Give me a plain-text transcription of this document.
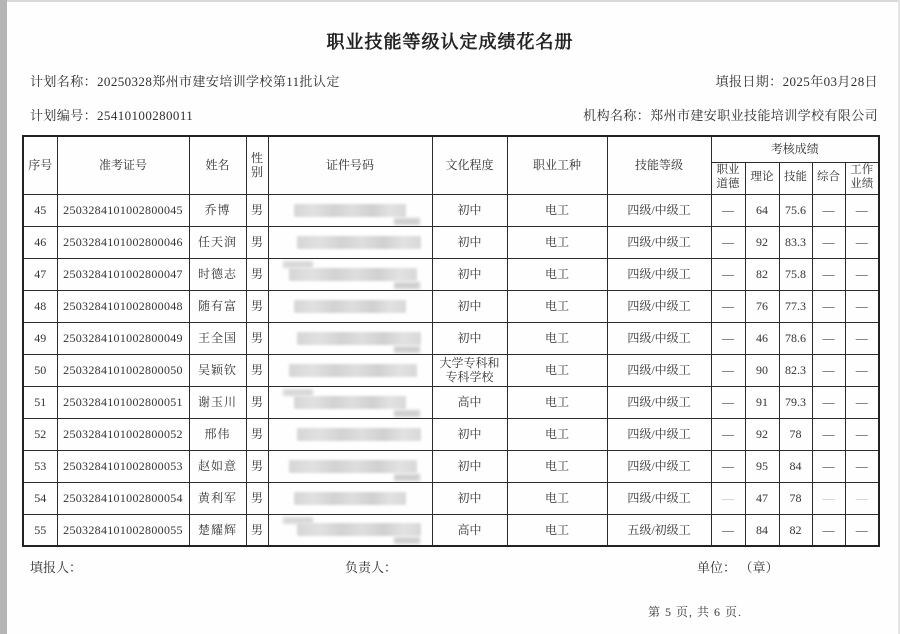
职业技能等级认定成绩花名册
计划名称：20250328郑州市建安培训学校第11批认定	填报日期：2025年03月28日
计划编号：25410100280011	机构名称：郑州市建安职业技能培训学校有限公司
序号	准考证号	姓名	性别	证件号码	文化程度	职业工种	技能等级	考核成绩				
								职业道德	理论	技能	综合	工作业绩
45	2503284101002800045	乔博	男		初中	电工	四级/中级工	—	64	75.6	—	—
46	2503284101002800046	任天润	男		初中	电工	四级/中级工	—	92	83.3	—	—
47	2503284101002800047	时德志	男		初中	电工	四级/中级工	—	82	75.8	—	—
48	2503284101002800048	随有富	男		初中	电工	四级/中级工	—	76	77.3	—	—
49	2503284101002800049	王全国	男		初中	电工	四级/中级工	—	46	78.6	—	—
50	2503284101002800050	吴颖钦	男		大学专科和专科学校	电工	四级/中级工	—	90	82.3	—	—
51	2503284101002800051	谢玉川	男		高中	电工	四级/中级工	—	91	79.3	—	—
52	2503284101002800052	邢伟	男		初中	电工	四级/中级工	—	92	78	—	—
53	2503284101002800053	赵如意	男		初中	电工	四级/中级工	—	95	84	—	—
54	2503284101002800054	黄利军	男		初中	电工	四级/中级工	—	47	78	—	—
55	2503284101002800055	楚耀辉	男		高中	电工	五级/初级工	—	84	82	—	—
填报人：	负责人：	单位： （章）
第 5 页, 共 6 页.
